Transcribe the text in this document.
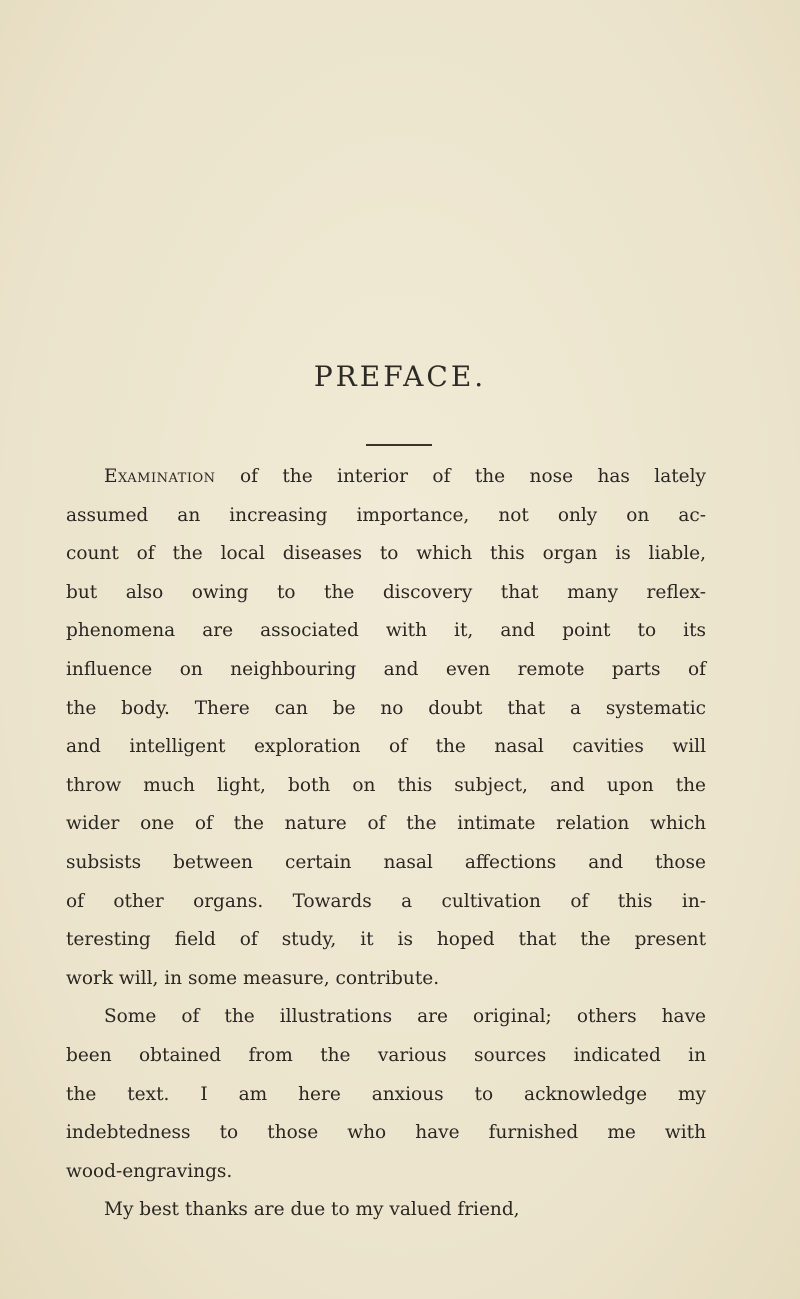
PREFACE.
Examination of the interior of the nose has lately
assumed an increasing importance, not only on ac-
count of the local diseases to which this organ is liable,
but also owing to the discovery that many reflex-
phenomena are associated with it, and point to its
influence on neighbouring and even remote parts of
the body. There can be no doubt that a systematic
and intelligent exploration of the nasal cavities will
throw much light, both on this subject, and upon the
wider one of the nature of the intimate relation which
subsists between certain nasal affections and those
of other organs. Towards a cultivation of this in-
teresting field of study, it is hoped that the present
work will, in some measure, contribute.
Some of the illustrations are original; others have
been obtained from the various sources indicated in
the text. I am here anxious to acknowledge my
indebtedness to those who have furnished me with
wood-engravings.
My best thanks are due to my valued friend,
